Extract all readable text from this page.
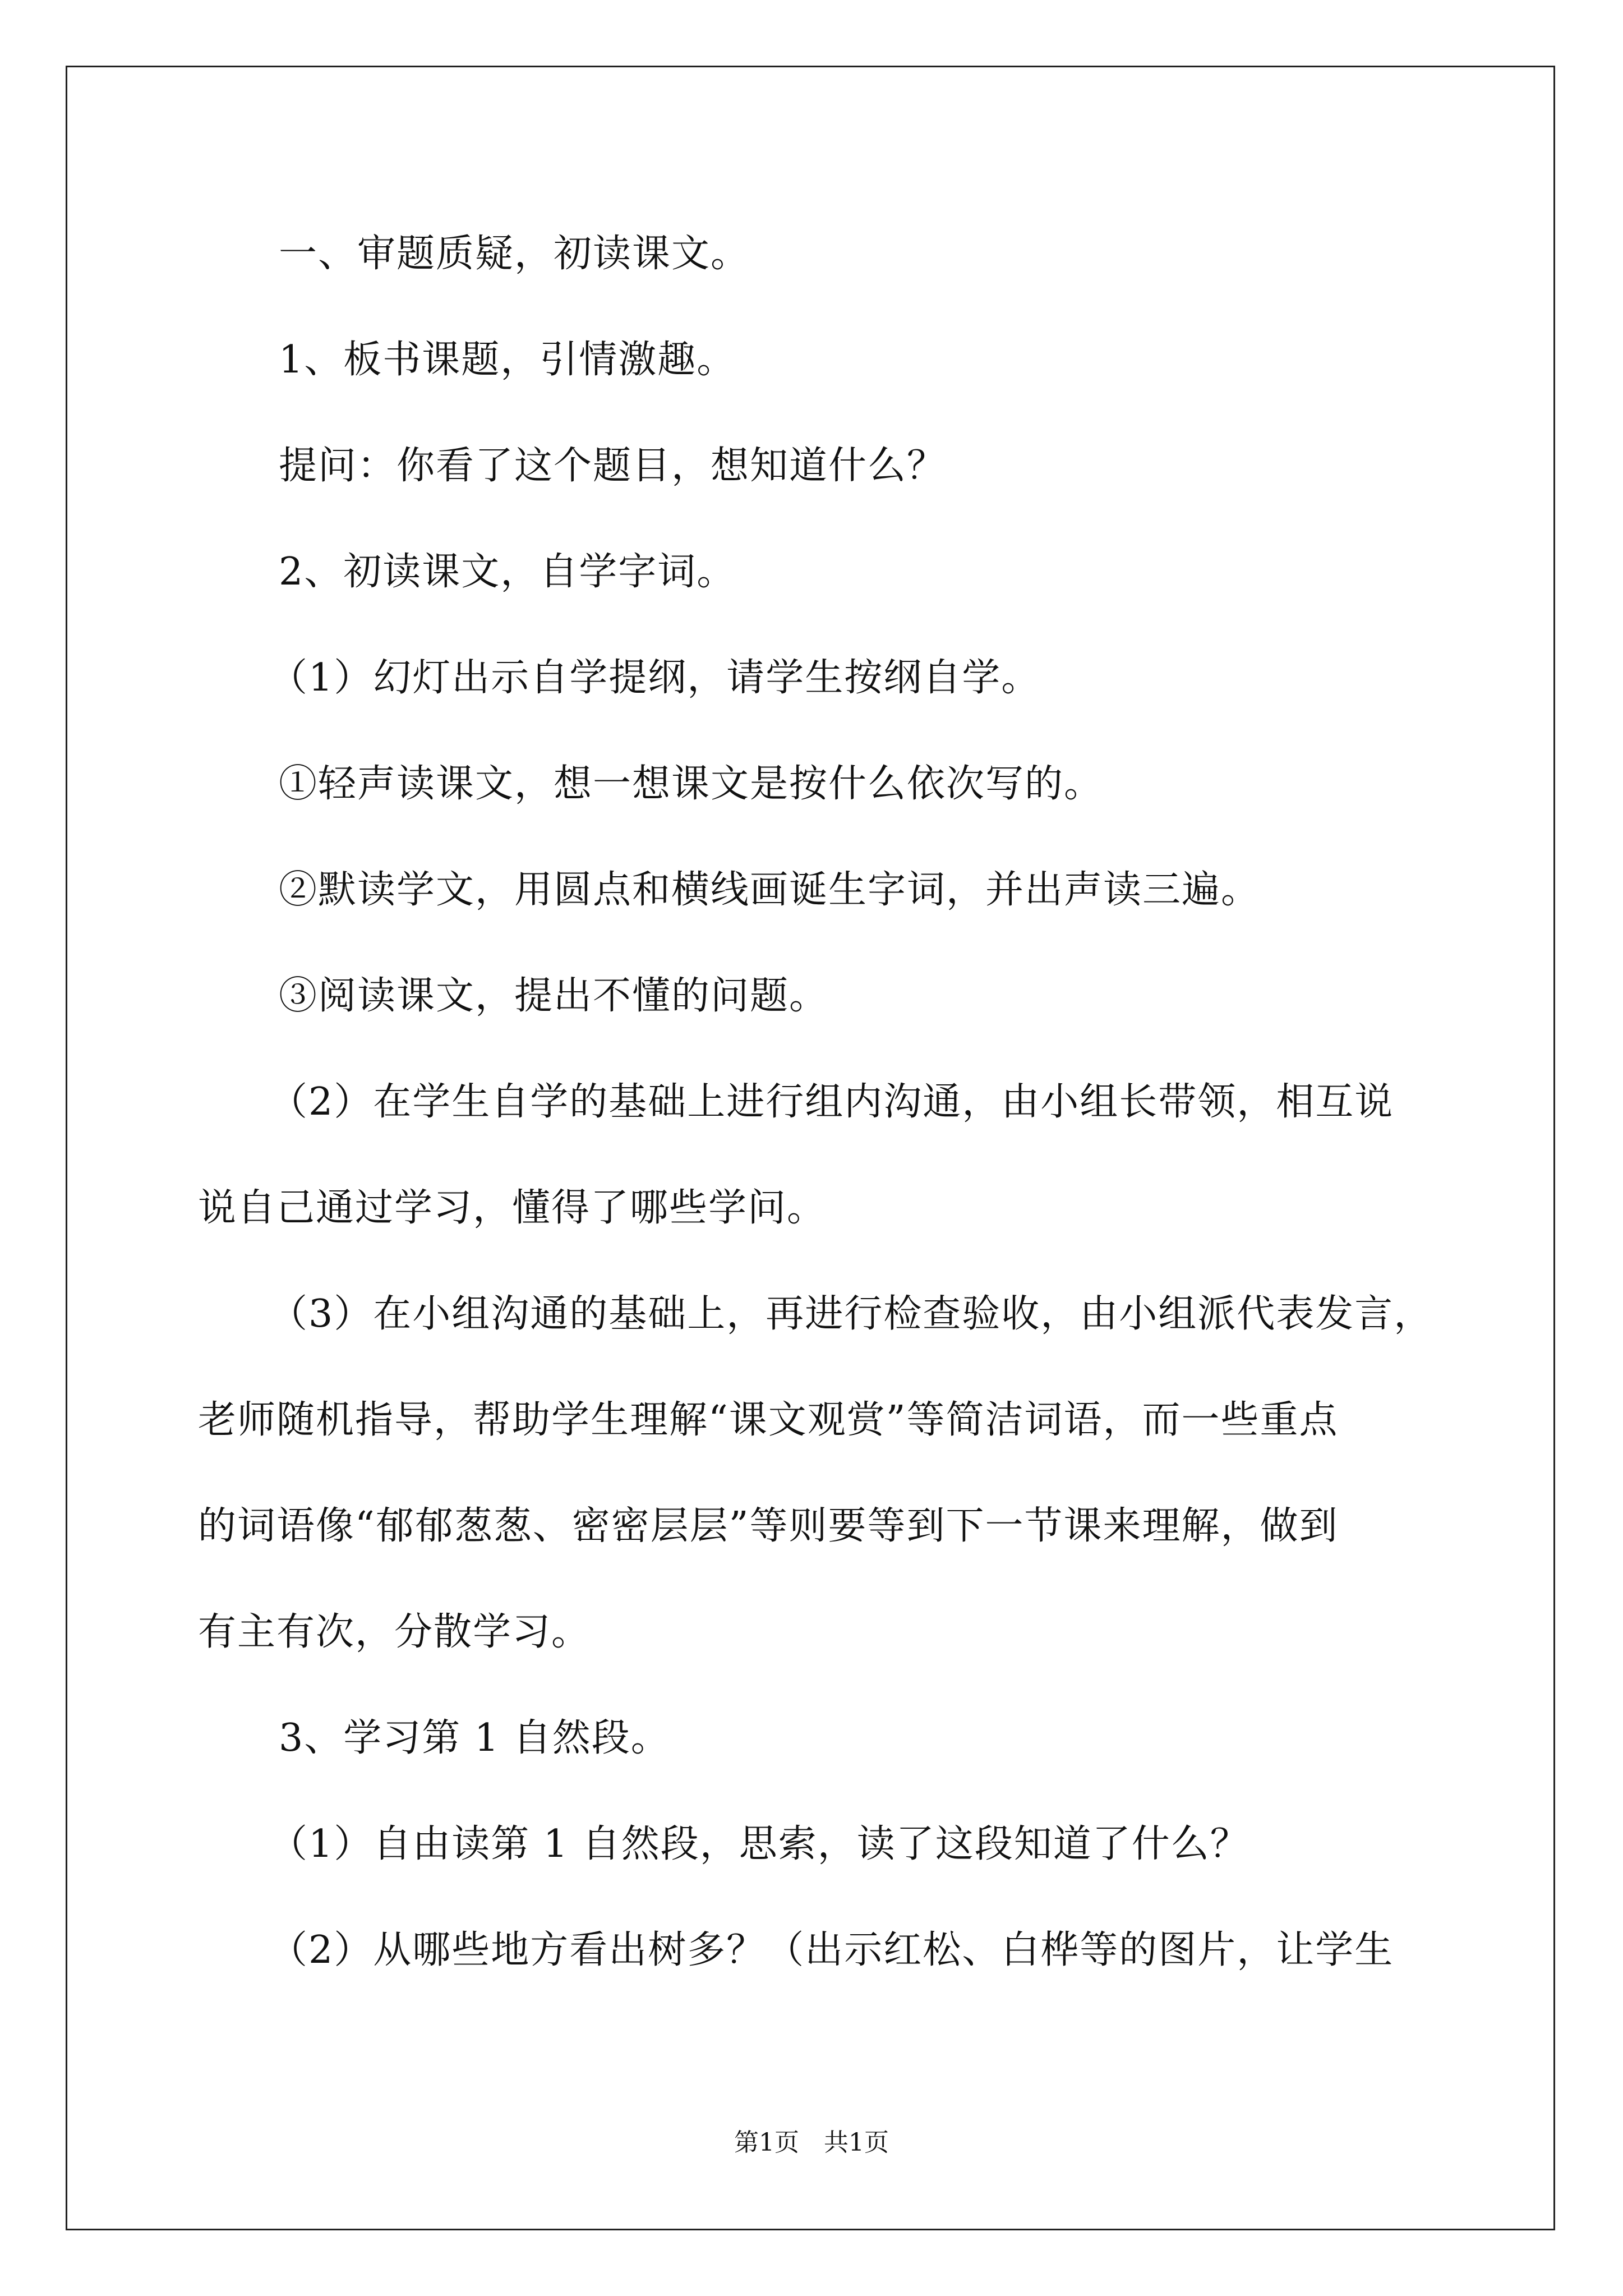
一、审题质疑，初读课文。
1、板书课题，引情激趣。
提问：你看了这个题目，想知道什么？
2、初读课文，自学字词。
（1）幻灯出示自学提纲，请学生按纲自学。
①轻声读课文，想一想课文是按什么依次写的。
②默读学文，用圆点和横线画诞生字词，并出声读三遍。
③阅读课文，提出不懂的问题。
（2）在学生自学的基础上进行组内沟通，由小组长带领，相互说
说自己通过学习，懂得了哪些学问。
（3）在小组沟通的基础上，再进行检查验收，由小组派代表发言，
老师随机指导，帮助学生理解“课文观赏”等简洁词语，而一些重点
的词语像“郁郁葱葱、密密层层”等则要等到下一节课来理解，做到
有主有次，分散学习。
3、学习第 1 自然段。
（1）自由读第 1 自然段，思索，读了这段知道了什么？
（2）从哪些地方看出树多？（出示红松、白桦等的图片，让学生
第1页　共1页
